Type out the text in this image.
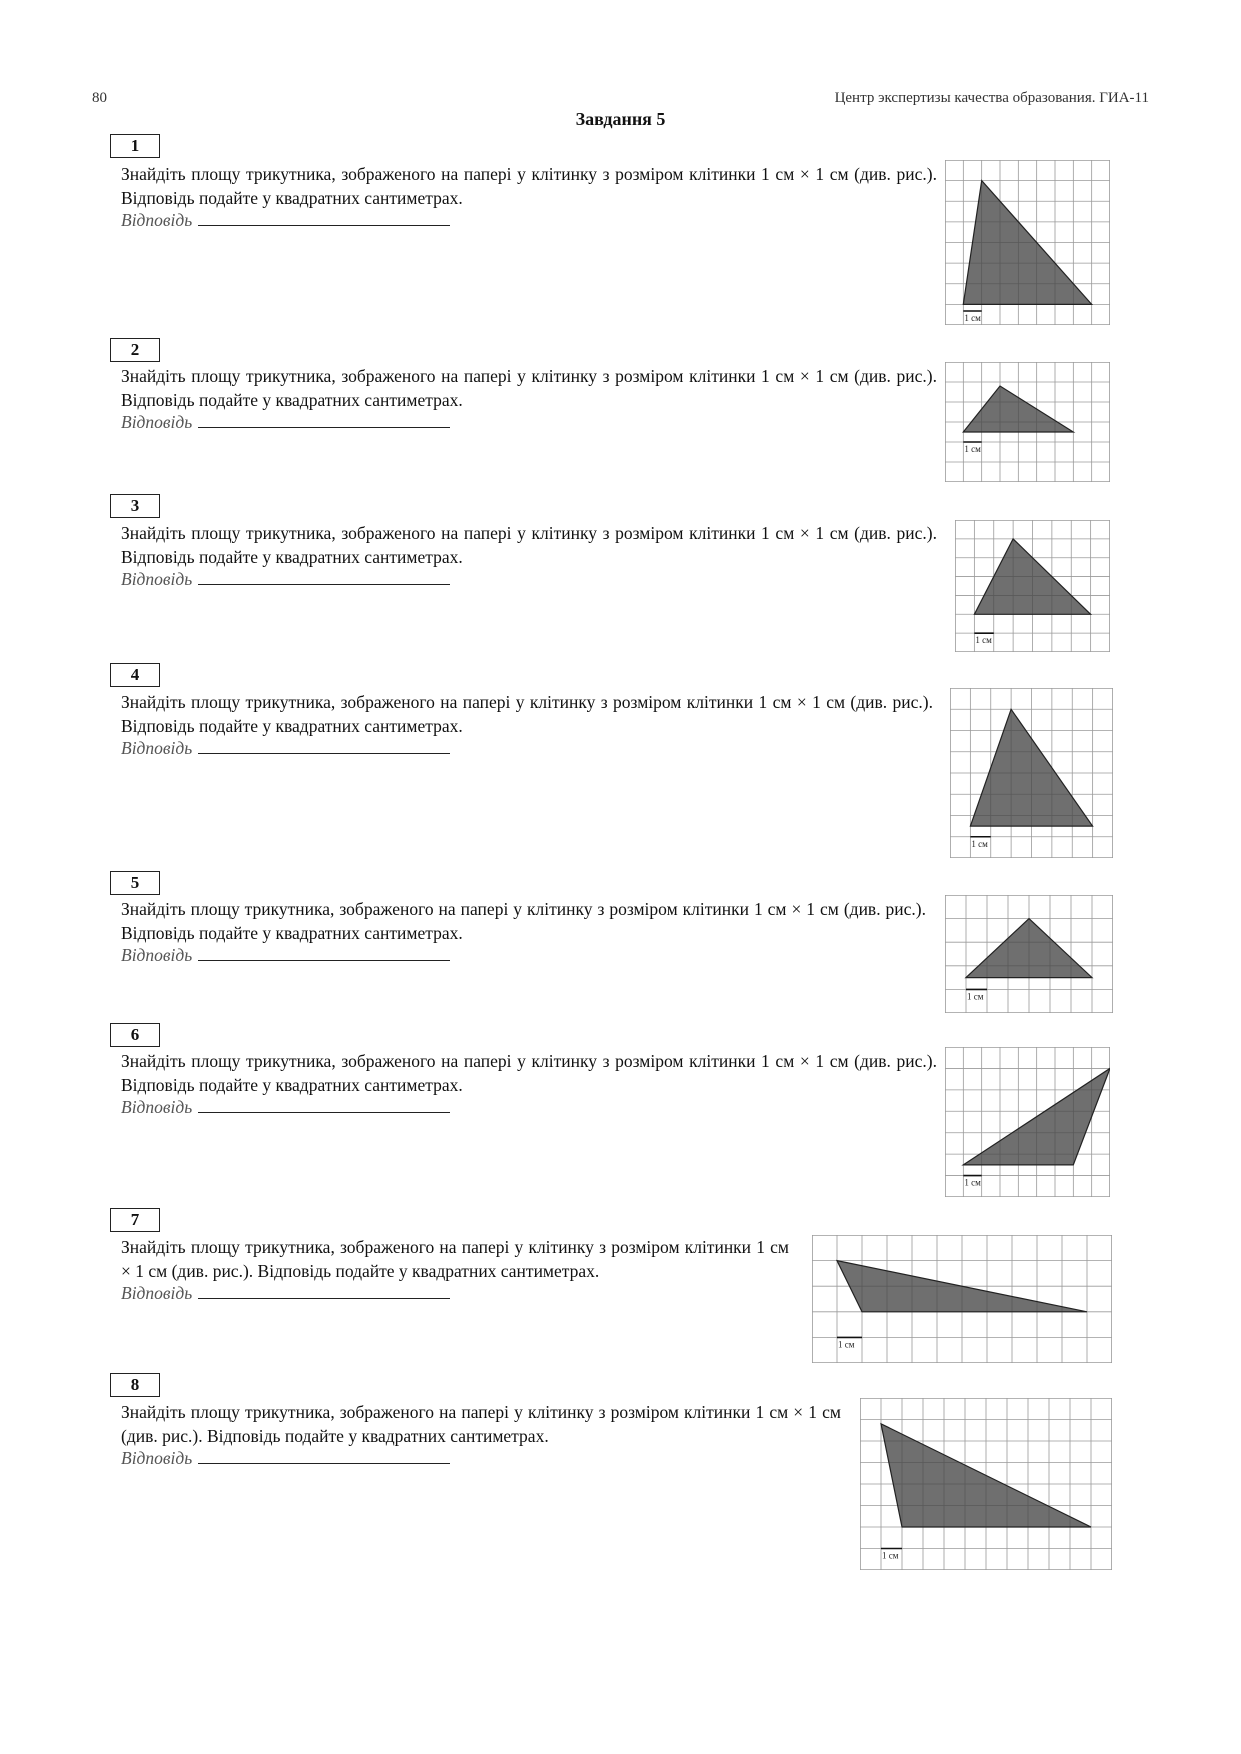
80	Центр экспертизы качества образования. ГИА-11
Завдання 5
1
Знайдіть площу трикутника, зображеного на папері у клітинку з розміром клітинки 1 см × 1 см (див. рис.). Відповідь подайте у квадратних сантиметрах.
Відповідь
1 см
2
Знайдіть площу трикутника, зображеного на папері у клітинку з розміром клітинки 1 см × 1 см (див. рис.). Відповідь подайте у квадратних сантиметрах.
Відповідь
1 см
3
Знайдіть площу трикутника, зображеного на папері у клітинку з розміром клітинки 1 см × 1 см (див. рис.). Відповідь подайте у квадратних сантиметрах.
Відповідь
1 см
4
Знайдіть площу трикутника, зображеного на папері у клітинку з розміром клітинки 1 см × 1 см (див. рис.). Відповідь подайте у квадратних сантиметрах.
Відповідь
1 см
5
Знайдіть площу трикутника, зображеного на папері у клітинку з розміром клітинки 1 см × 1 см (див. рис.). Відповідь подайте у квадратних сантиметрах.
Відповідь
1 см
6
Знайдіть площу трикутника, зображеного на папері у клітинку з розміром клітинки 1 см × 1 см (див. рис.). Відповідь подайте у квадратних сантиметрах.
Відповідь
1 см
7
Знайдіть площу трикутника, зображеного на папері у клітинку з розміром клітинки 1 см × 1 см (див. рис.). Відповідь подайте у квадратних сантиметрах.
Відповідь
1 см
8
Знайдіть площу трикутника, зображеного на папері у клітинку з розміром клітинки 1 см × 1 см (див. рис.). Відповідь подайте у квадратних сантиметрах.
Відповідь
1 см
